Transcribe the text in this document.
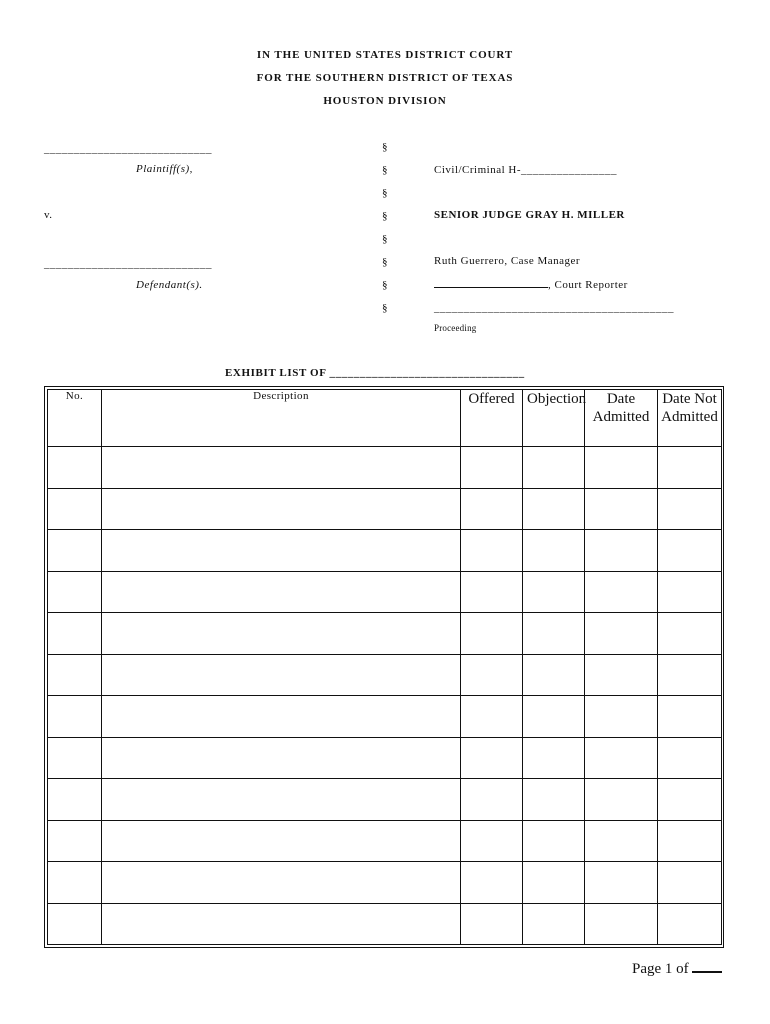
IN THE UNITED STATES DISTRICT COURT
FOR THE SOUTHERN DISTRICT OF TEXAS
HOUSTON DIVISION
____________________________
Plaintiff(s),
v.
____________________________
Defendant(s).
§
§
§
§
§
§
§
§
Civil/Criminal H-________________
SENIOR JUDGE GRAY H. MILLER
Ruth Guerrero, Case Manager
, Court Reporter
________________________________________
Proceeding
EXHIBIT LIST OF ________________________________
No.	Description	Offered	Objection	Date Admitted	Date Not Admitted

Page 1 of
